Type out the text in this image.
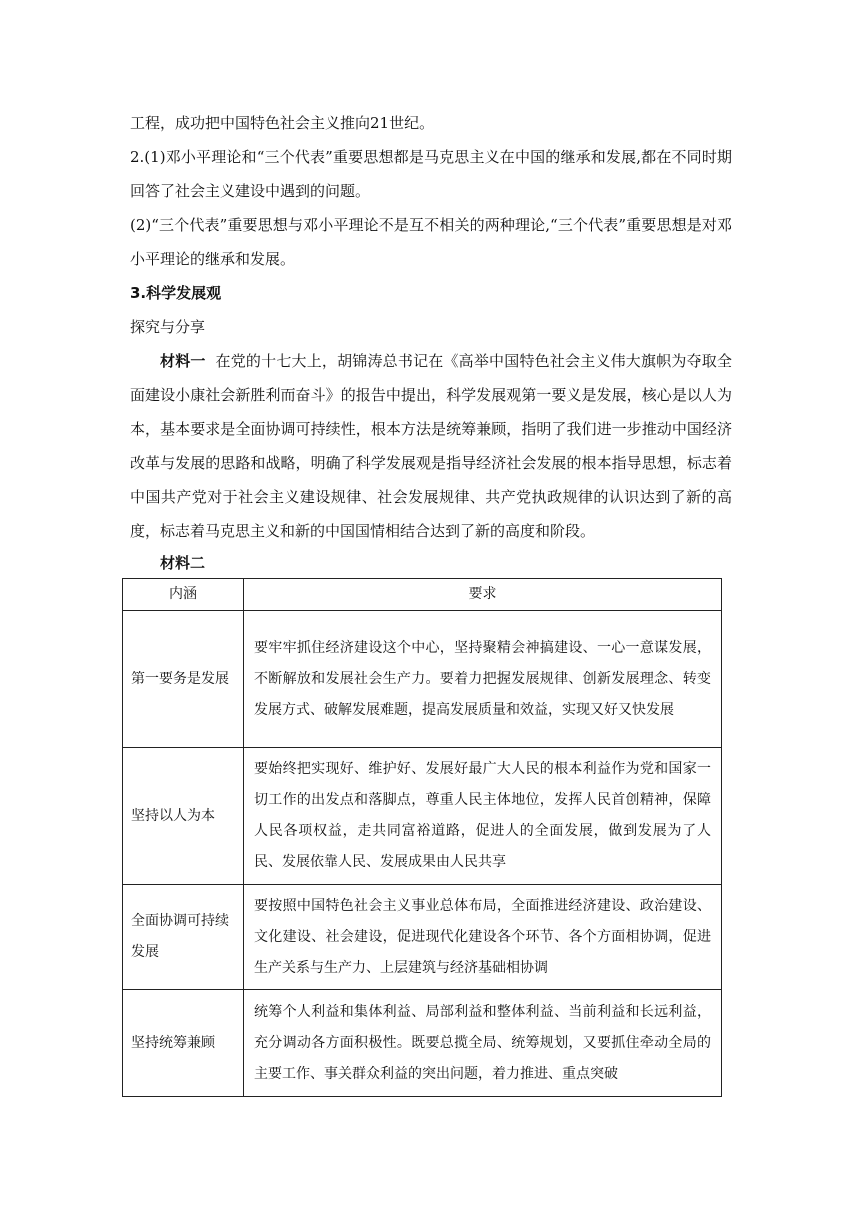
工程，成功把中国特色社会主义推向21世纪。

2.(1)邓小平理论和“三个代表”重要思想都是马克思主义在中国的继承和发展,都在不同时期回答了社会主义建设中遇到的问题。

(2)“三个代表”重要思想与邓小平理论不是互不相关的两种理论,“三个代表”重要思想是对邓小平理论的继承和发展。

3.科学发展观

探究与分享

材料一 在党的十七大上，胡锦涛总书记在《高举中国特色社会主义伟大旗帜为夺取全面建设小康社会新胜利而奋斗》的报告中提出，科学发展观第一要义是发展，核心是以人为本，基本要求是全面协调可持续性，根本方法是统筹兼顾，指明了我们进一步推动中国经济改革与发展的思路和战略，明确了科学发展观是指导经济社会发展的根本指导思想，标志着中国共产党对于社会主义建设规律、社会发展规律、共产党执政规律的认识达到了新的高度，标志着马克思主义和新的中国国情相结合达到了新的高度和阶段。

材料二

内涵	要求
第一要务是发展	要牢牢抓住经济建设这个中心，坚持聚精会神搞建设、一心一意谋发展，不断解放和发展社会生产力。要着力把握发展规律、创新发展理念、转变发展方式、破解发展难题，提高发展质量和效益，实现又好又快发展
坚持以人为本	要始终把实现好、维护好、发展好最广大人民的根本利益作为党和国家一切工作的出发点和落脚点，尊重人民主体地位，发挥人民首创精神，保障人民各项权益，走共同富裕道路，促进人的全面发展，做到发展为了人民、发展依靠人民、发展成果由人民共享
全面协调可持续发展	要按照中国特色社会主义事业总体布局，全面推进经济建设、政治建设、文化建设、社会建设，促进现代化建设各个环节、各个方面相协调，促进生产关系与生产力、上层建筑与经济基础相协调
坚持统筹兼顾	统筹个人利益和集体利益、局部利益和整体利益、当前利益和长远利益，充分调动各方面积极性。既要总揽全局、统筹规划，又要抓住牵动全局的主要工作、事关群众利益的突出问题，着力推进、重点突破
